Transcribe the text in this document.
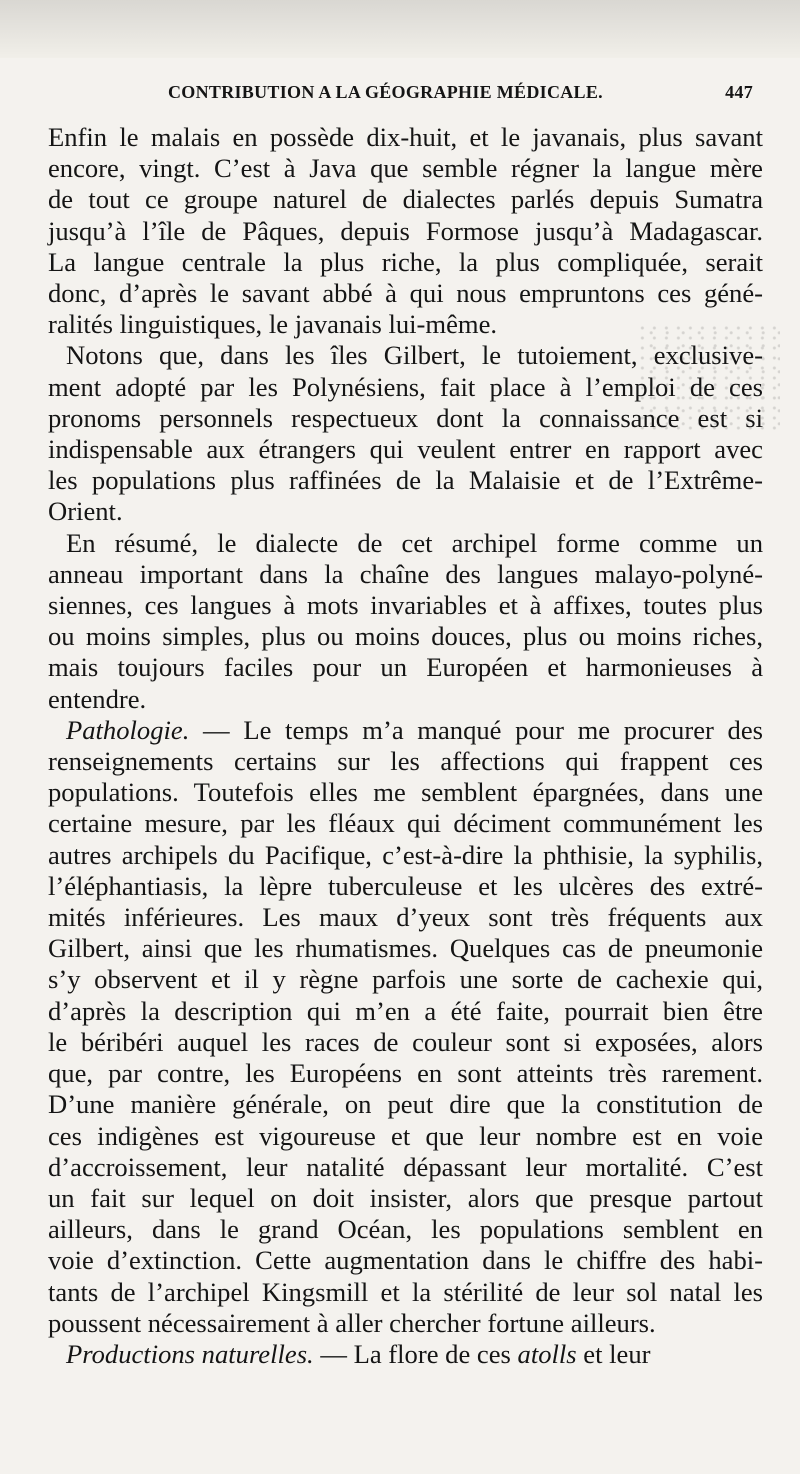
CONTRIBUTION A LA GÉOGRAPHIE MÉDICALE.	447
Enfin le malais en possède dix-huit, et le javanais, plus savant
encore, vingt. C’est à Java que semble régner la langue mère
de tout ce groupe naturel de dialectes parlés depuis Sumatra
jusqu’à l’île de Pâques, depuis Formose jusqu’à Madagascar.
La langue centrale la plus riche, la plus compliquée, serait
donc, d’après le savant abbé à qui nous empruntons ces géné-
ralités linguistiques, le javanais lui-même.
Notons que, dans les îles Gilbert, le tutoiement, exclusive-
ment adopté par les Polynésiens, fait place à l’emploi de ces
pronoms personnels respectueux dont la connaissance est si
indispensable aux étrangers qui veulent entrer en rapport avec
les populations plus raffinées de la Malaisie et de l’Extrême-
Orient.
En résumé, le dialecte de cet archipel forme comme un
anneau important dans la chaîne des langues malayo-polyné-
siennes, ces langues à mots invariables et à affixes, toutes plus
ou moins simples, plus ou moins douces, plus ou moins riches,
mais toujours faciles pour un Européen et harmonieuses à
entendre.
Pathologie. — Le temps m’a manqué pour me procurer des
renseignements certains sur les affections qui frappent ces
populations. Toutefois elles me semblent épargnées, dans une
certaine mesure, par les fléaux qui déciment communément les
autres archipels du Pacifique, c’est-à-dire la phthisie, la syphilis,
l’éléphantiasis, la lèpre tuberculeuse et les ulcères des extré-
mités inférieures. Les maux d’yeux sont très fréquents aux
Gilbert, ainsi que les rhumatismes. Quelques cas de pneumonie
s’y observent et il y règne parfois une sorte de cachexie qui,
d’après la description qui m’en a été faite, pourrait bien être
le béribéri auquel les races de couleur sont si exposées, alors
que, par contre, les Européens en sont atteints très rarement.
D’une manière générale, on peut dire que la constitution de
ces indigènes est vigoureuse et que leur nombre est en voie
d’accroissement, leur natalité dépassant leur mortalité. C’est
un fait sur lequel on doit insister, alors que presque partout
ailleurs, dans le grand Océan, les populations semblent en
voie d’extinction. Cette augmentation dans le chiffre des habi-
tants de l’archipel Kingsmill et la stérilité de leur sol natal les
poussent nécessairement à aller chercher fortune ailleurs.
Productions naturelles. — La flore de ces atolls et leur
